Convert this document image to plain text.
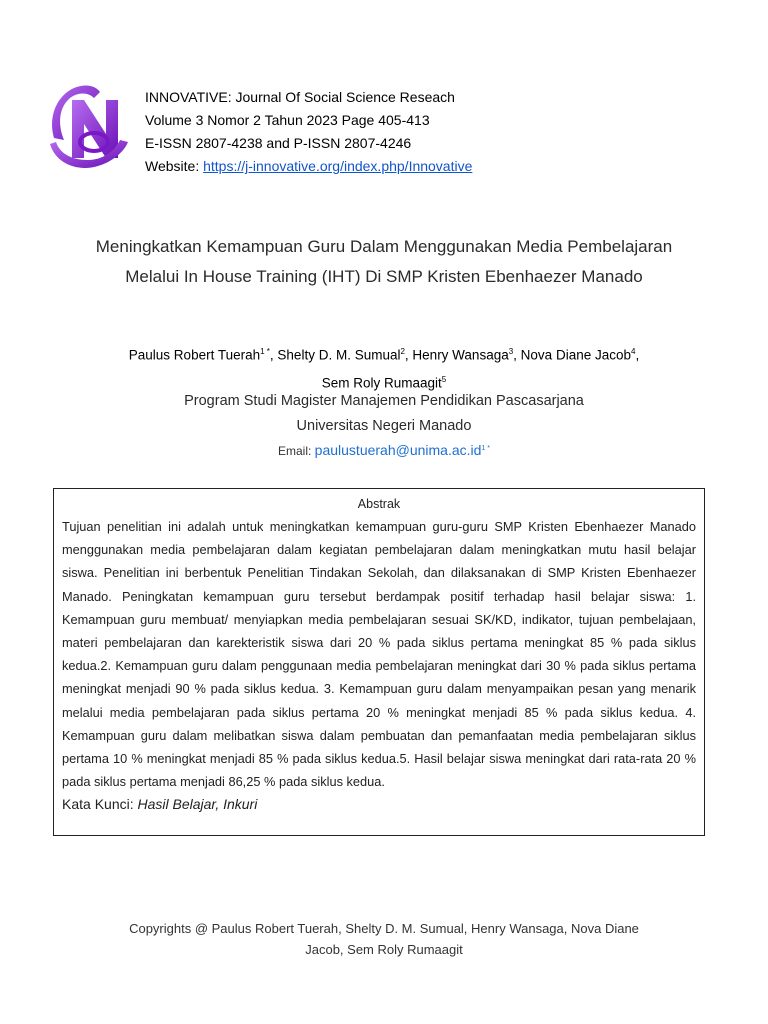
INNOVATIVE: Journal Of Social Science Reseach
Volume 3 Nomor 2 Tahun 2023 Page 405-413
E-ISSN 2807-4238 and P-ISSN 2807-4246
Website: https://j-innovative.org/index.php/Innovative
Meningkatkan Kemampuan Guru Dalam Menggunakan Media Pembelajaran
Melalui In House Training (IHT) Di SMP Kristen Ebenhaezer Manado
Paulus Robert Tuerah$^{1 *}$, Shelty D. M. Sumual$^2$, Henry Wansaga$^3$, Nova Diane Jacob$^4$,
Sem Roly Rumaagit$^5$
Program Studi Magister Manajemen Pendidikan Pascasarjana
Universitas Negeri Manado
Email: $paulustuerah@unima.ac.id^{1 *}$
Abstrak

Tujuan penelitian ini adalah untuk meningkatkan kemampuan guru-guru SMP Kristen Ebenhaezer Manado menggunakan media pembelajaran dalam kegiatan pembelajaran dalam meningkatkan mutu hasil belajar siswa. Penelitian ini berbentuk Penelitian Tindakan Sekolah, dan dilaksanakan di SMP Kristen Ebenhaezer Manado. Peningkatan kemampuan guru tersebut berdampak positif terhadap hasil belajar siswa: 1. Kemampuan guru membuat/ menyiapkan media pembelajaran sesuai SK/KD, indikator, tujuan pembelajaan, materi pembelajaran dan karekteristik siswa dari 20 % pada siklus pertama meningkat 85 % pada siklus kedua.2. Kemampuan guru dalam penggunaan media pembelajaran meningkat dari 30 % pada siklus pertama meningkat menjadi 90 % pada siklus kedua. 3. Kemampuan guru dalam menyampaikan pesan yang menarik melalui media pembelajaran pada siklus pertama 20 % meningkat menjadi 85 % pada siklus kedua. 4. Kemampuan guru dalam melibatkan siswa dalam pembuatan dan pemanfaatan media pembelajaran siklus pertama 10 % meningkat menjadi 85 % pada siklus kedua.5. Hasil belajar siswa meningkat dari rata-rata 20 % pada siklus pertama menjadi 86,25 % pada siklus kedua.

Kata Kunci: Hasil Belajar, Inkuri
Copyrights @ Paulus Robert Tuerah, Shelty D. M. Sumual, Henry Wansaga, Nova Diane
Jacob, Sem Roly Rumaagit
